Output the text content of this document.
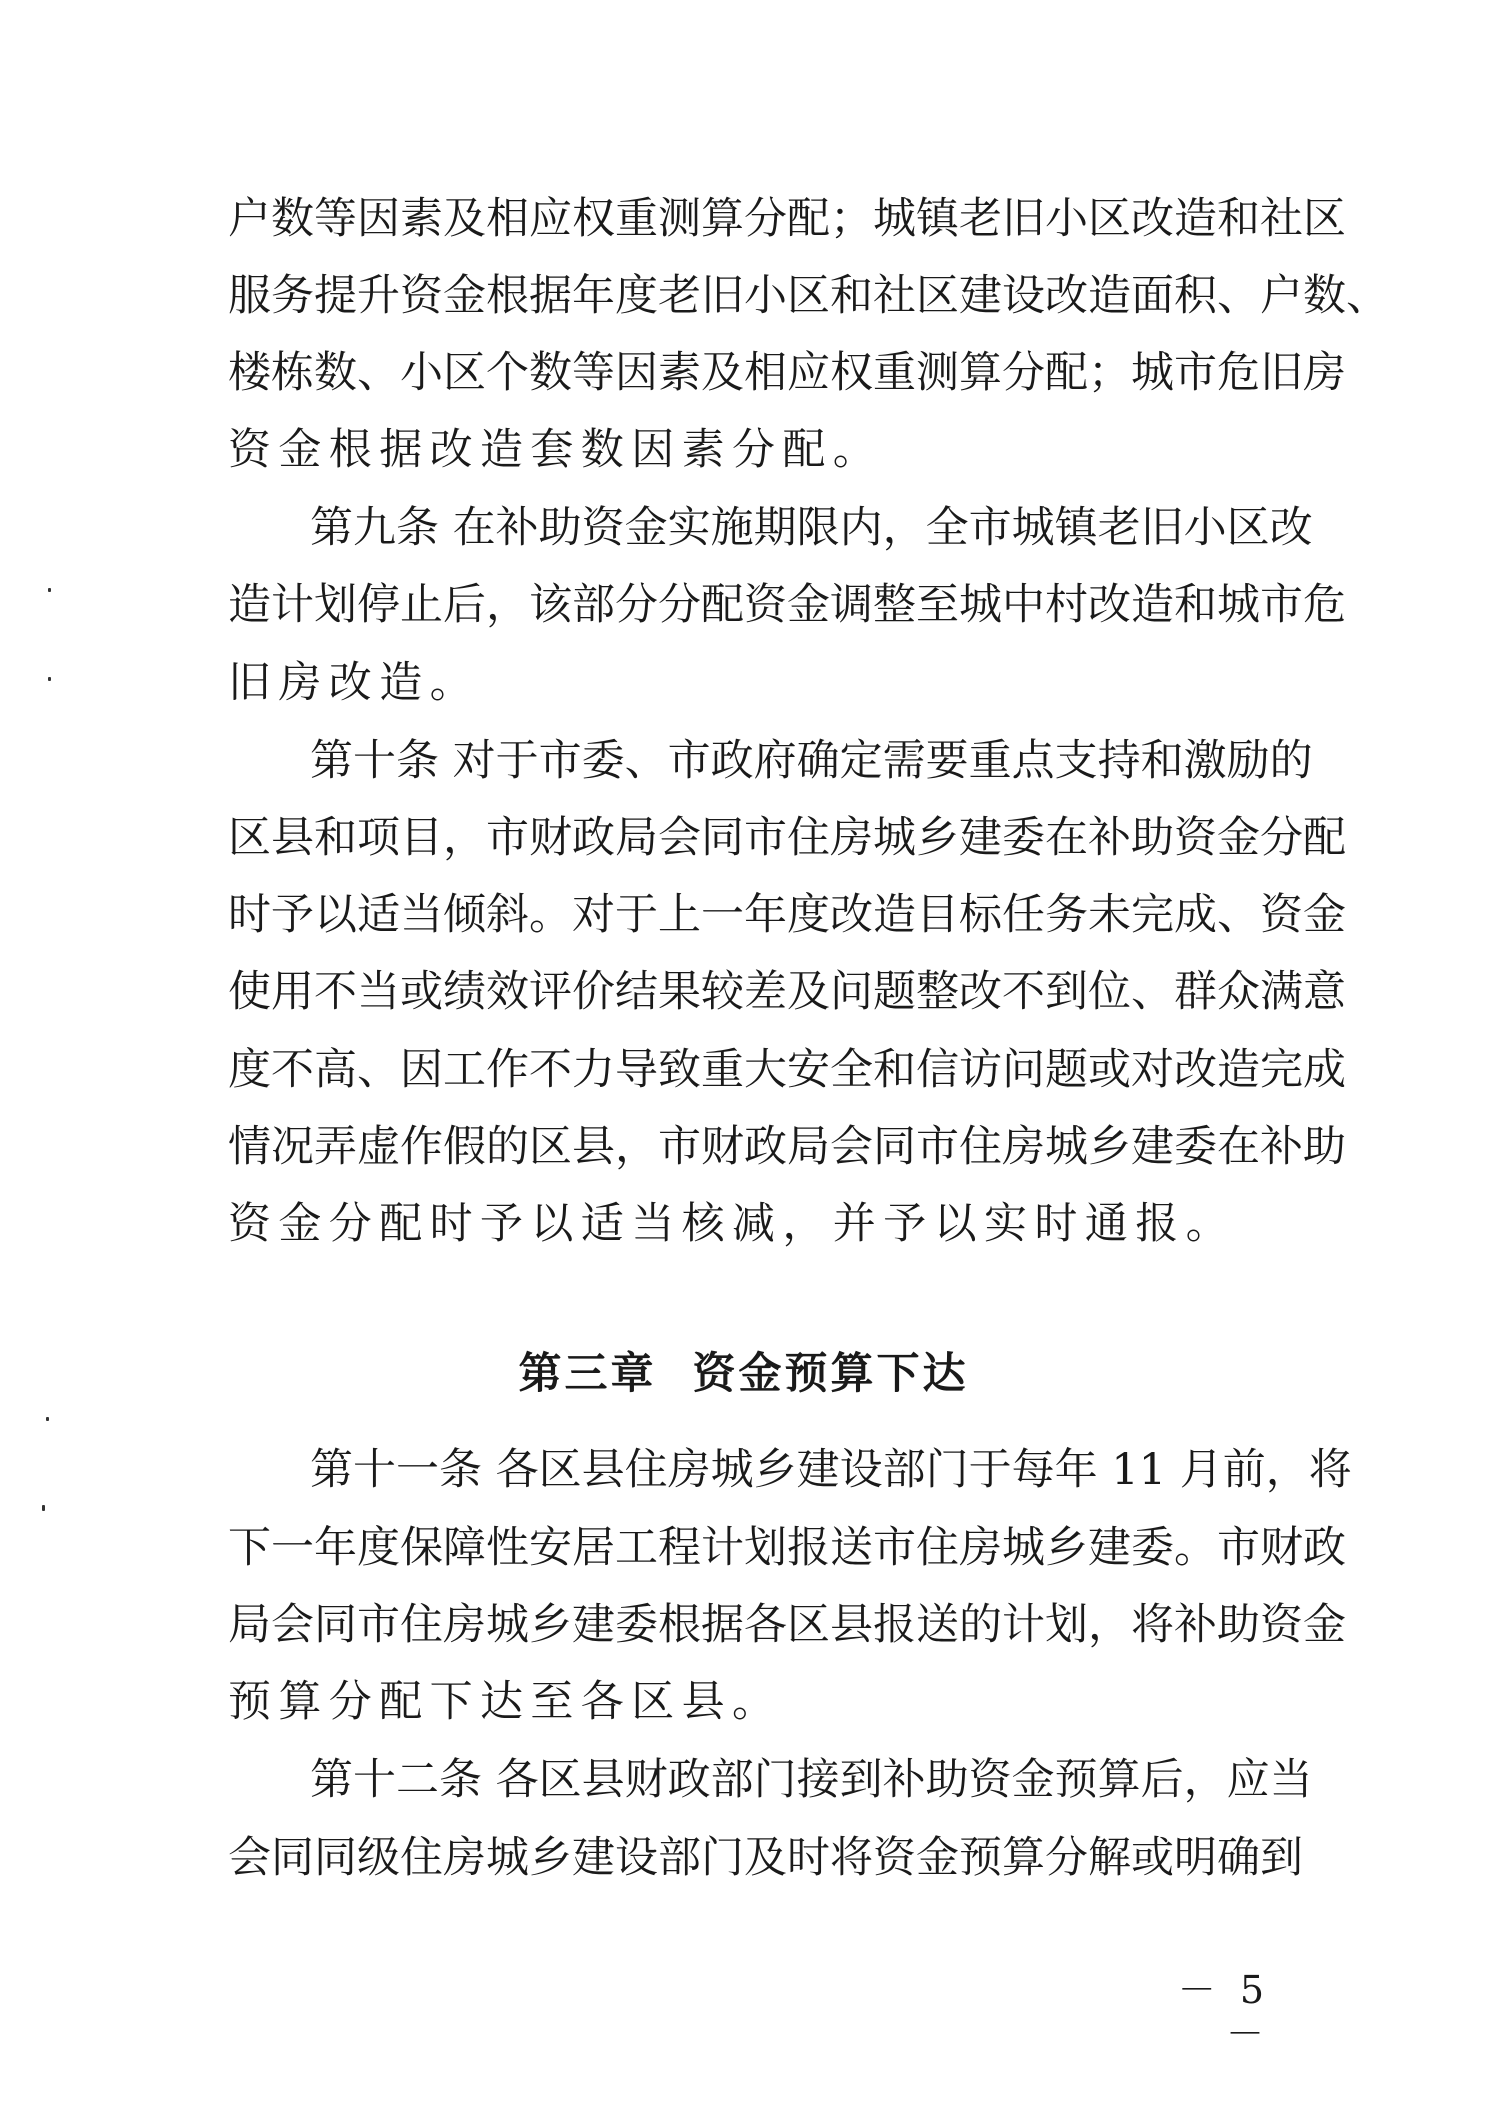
户数等因素及相应权重测算分配；城镇老旧小区改造和社区
服务提升资金根据年度老旧小区和社区建设改造面积、户数、
楼栋数、小区个数等因素及相应权重测算分配；城市危旧房
资金根据改造套数因素分配。
第九条 在补助资金实施期限内，全市城镇老旧小区改
造计划停止后，该部分分配资金调整至城中村改造和城市危
旧房改造。
第十条 对于市委、市政府确定需要重点支持和激励的
区县和项目，市财政局会同市住房城乡建委在补助资金分配
时予以适当倾斜。对于上一年度改造目标任务未完成、资金
使用不当或绩效评价结果较差及问题整改不到位、群众满意
度不高、因工作不力导致重大安全和信访问题或对改造完成
情况弄虚作假的区县，市财政局会同市住房城乡建委在补助
资金分配时予以适当核减，并予以实时通报。
第三章 资金预算下达
第十一条 各区县住房城乡建设部门于每年 11 月前，将
下一年度保障性安居工程计划报送市住房城乡建委。市财政
局会同市住房城乡建委根据各区县报送的计划，将补助资金
预算分配下达至各区县。
第十二条 各区县财政部门接到补助资金预算后，应当
会同同级住房城乡建设部门及时将资金预算分解或明确到
－ 5 －
